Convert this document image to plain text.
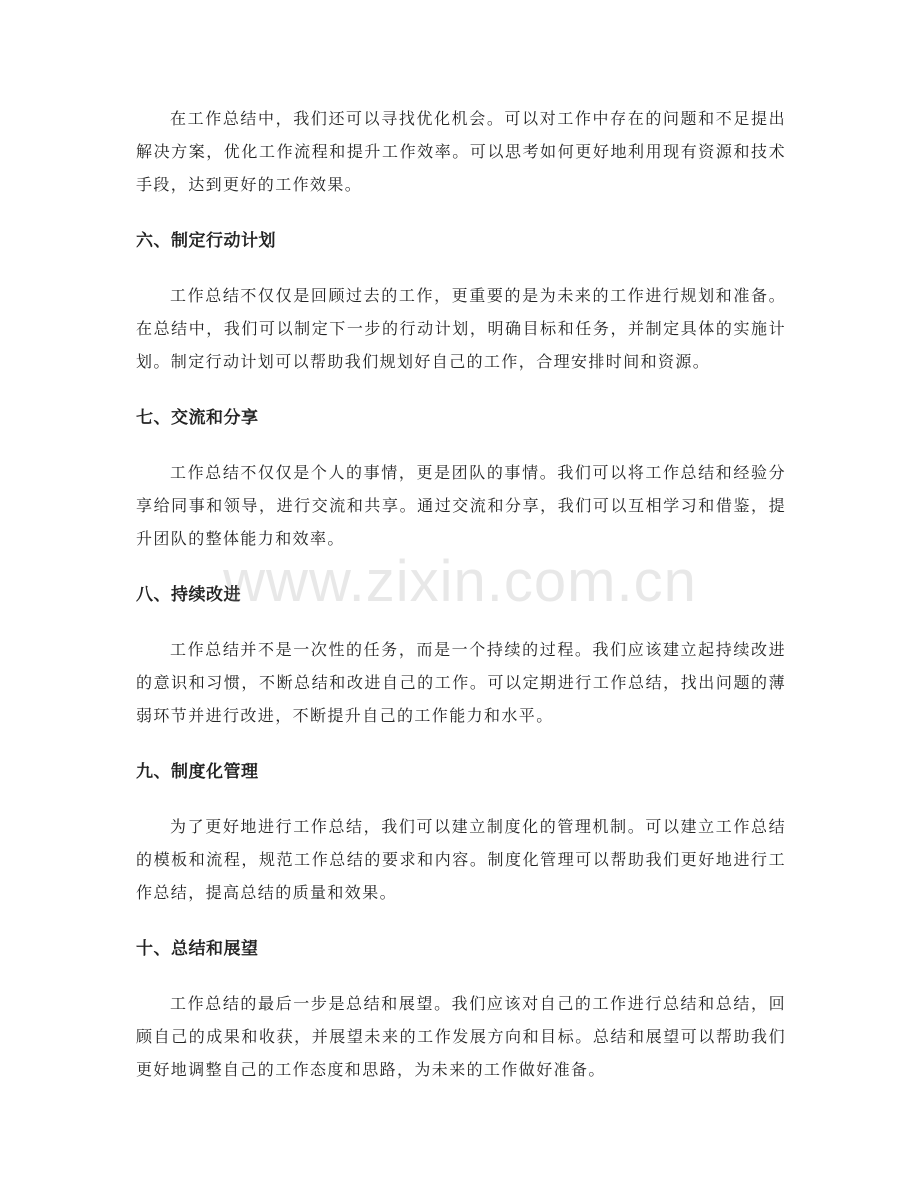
在工作总结中，我们还可以寻找优化机会。可以对工作中存在的问题和不足提出解决方案，优化工作流程和提升工作效率。可以思考如何更好地利用现有资源和技术手段，达到更好的工作效果。

六、制定行动计划

工作总结不仅仅是回顾过去的工作，更重要的是为未来的工作进行规划和准备。在总结中，我们可以制定下一步的行动计划，明确目标和任务，并制定具体的实施计划。制定行动计划可以帮助我们规划好自己的工作，合理安排时间和资源。

七、交流和分享

工作总结不仅仅是个人的事情，更是团队的事情。我们可以将工作总结和经验分享给同事和领导，进行交流和共享。通过交流和分享，我们可以互相学习和借鉴，提升团队的整体能力和效率。

八、持续改进

工作总结并不是一次性的任务，而是一个持续的过程。我们应该建立起持续改进的意识和习惯，不断总结和改进自己的工作。可以定期进行工作总结，找出问题的薄弱环节并进行改进，不断提升自己的工作能力和水平。

九、制度化管理

为了更好地进行工作总结，我们可以建立制度化的管理机制。可以建立工作总结的模板和流程，规范工作总结的要求和内容。制度化管理可以帮助我们更好地进行工作总结，提高总结的质量和效果。

十、总结和展望

工作总结的最后一步是总结和展望。我们应该对自己的工作进行总结和总结，回顾自己的成果和收获，并展望未来的工作发展方向和目标。总结和展望可以帮助我们更好地调整自己的工作态度和思路，为未来的工作做好准备。

www.zixin.com.cn
